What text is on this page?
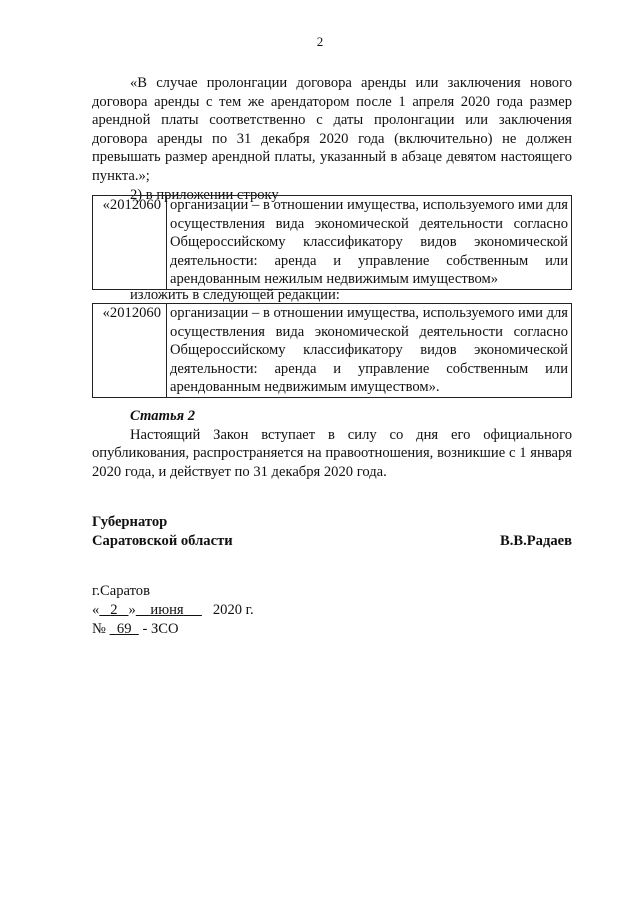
2

«В случае пролонгации договора аренды или заключения нового договора аренды с тем же арендатором после 1 апреля 2020 года размер арендной платы соответственно с даты пролонгации или заключения договора аренды по 31 декабря 2020 года (включительно) не должен превышать размер арендной платы, указанный в абзаце девятом настоящего пункта.»;

2) в приложении строку

«2012060	организации – в отношении имущества, используемого ими для осуществления вида экономической деятельности согласно Общероссийскому классификатору видов экономической деятельности: аренда и управление собственным или арендованным нежилым недвижимым имуществом»

изложить в следующей редакции:

«2012060	организации – в отношении имущества, используемого ими для осуществления вида экономической деятельности согласно Общероссийскому классификатору видов экономической деятельности: аренда и управление собственным или арендованным недвижимым имуществом».

Статья 2

Настоящий Закон вступает в силу со дня его официального опубликования, распространяется на правоотношения, возникшие с 1 января 2020 года, и действует по 31 декабря 2020 года.

Губернатор
Саратовской области	В.В.Радаев
г.Саратов
« 2 » июня 2020 г.
№ 69 - ЗСО
